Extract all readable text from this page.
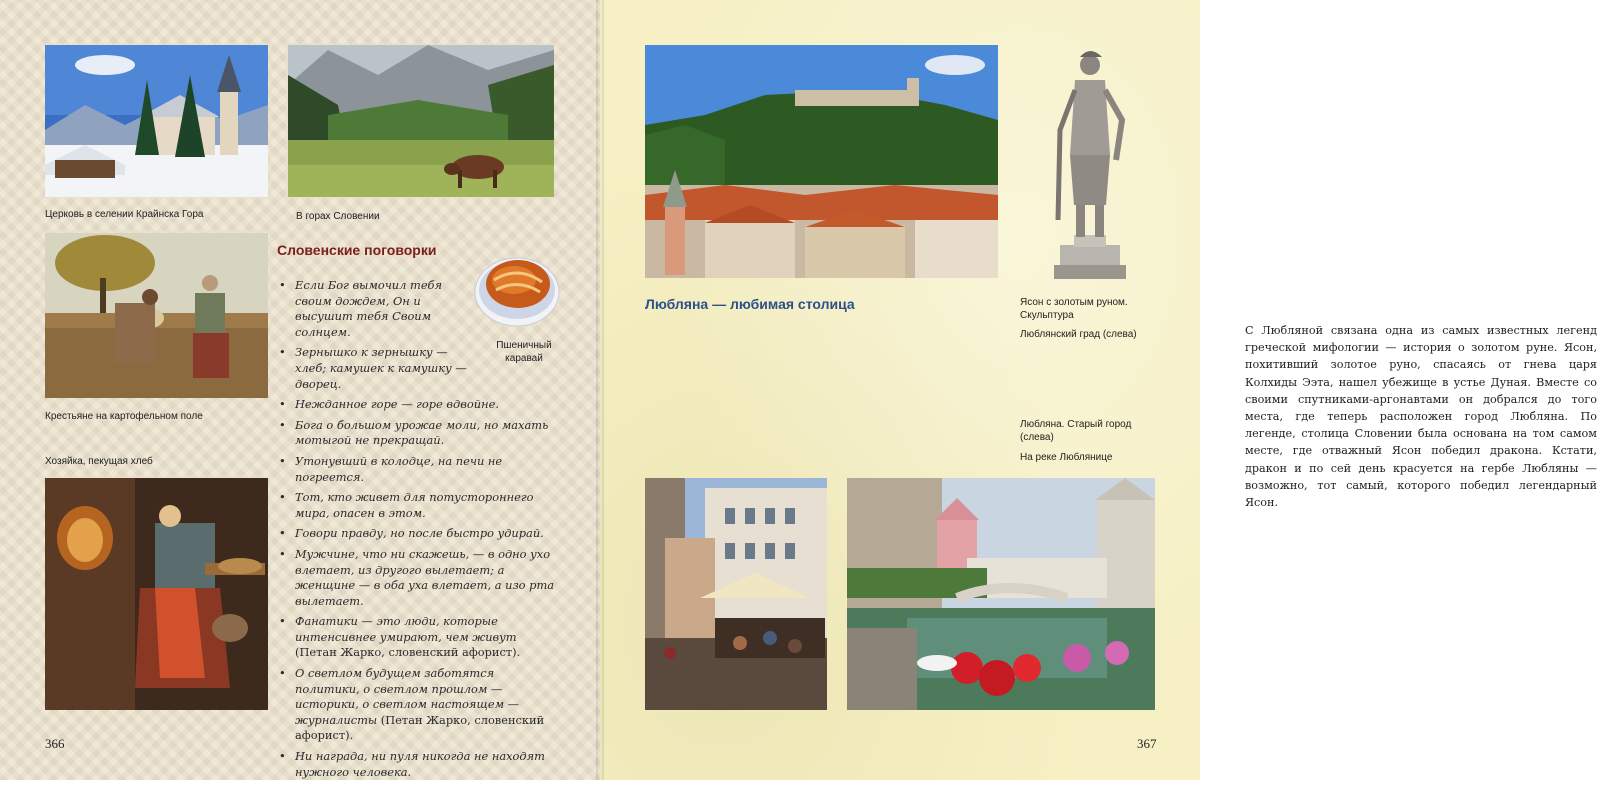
Церковь в селении Крайнска Гора	В горах Словении
Крестьяне на картофельном поле
Хозяйка, пекущая хлеб
Словенские поговорки
Пшеничный каравай
• Если Бог вымочил тебя своим дождем, Он и высушит тебя Своим солнцем.
• Зернышко к зернышку — хлеб; камушек к камушку — дворец.
• Нежданное горе — горе вдвойне.
• Бога о большом урожае моли, но махать мотыгой не прекращай.
• Утонувший в колодце, на печи не погреется.
• Тот, кто живет для потустороннего мира, опасен в этом.
• Говори правду, но после быстро удирай.
• Мужчине, что ни скажешь, — в одно ухо влетает, из другого вылетает; а женщине — в оба уха влетает, а изо рта вылетает.
• Фанатики — это люди, которые интенсивнее умирают, чем живут (Петан Жарко, словенский афорист).
• О светлом будущем заботятся политики, о светлом прошлом — историки, о светлом настоящем — журналисты (Петан Жарко, словенский афорист).
• Ни награда, ни пуля никогда не находят нужного человека.
366
Ясон с золотым руном. Скульптура
Люблянский град (слева)
Любляна — любимая столица
Любляна. Старый город (слева)
На реке Люблянице
С Любляной связана одна из самых известных легенд греческой мифологии — история о золотом руне. Ясон, похитивший золотое руно, спасаясь от гнева царя Колхиды Ээта, нашел убежище в устье Дуная. Вместе со своими спутниками-аргонавтами он добрался до того места, где теперь расположен город Любляна. По легенде, столица Словении была основана на том самом месте, где отважный Ясон победил дракона. Кстати, дракон и по сей день красуется на гербе Любляны — возможно, тот самый, которого победил легендарный Ясон.
367
